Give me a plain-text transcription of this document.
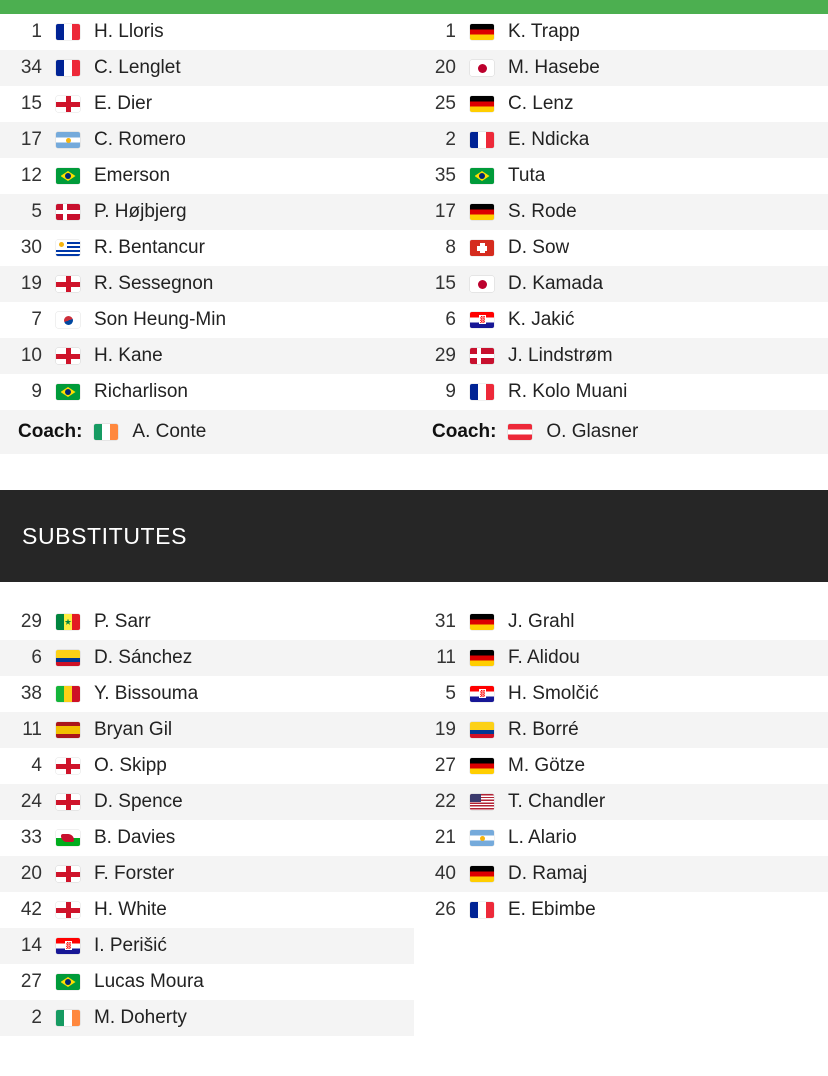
1	H. Lloris
34	C. Lenglet
15	E. Dier
17	C. Romero
12	Emerson
5	P. Højbjerg
30	R. Bentancur
19	R. Sessegnon
7	Son Heung-Min
10	H. Kane
9	Richarlison
Coach:	A. Conte
1	K. Trapp
20	M. Hasebe
25	C. Lenz
2	E. Ndicka
35	Tuta
17	S. Rode
8	D. Sow
15	D. Kamada
6	K. Jakić
29	J. Lindstrøm
9	R. Kolo Muani
Coach:	O. Glasner
SUBSTITUTES
29	P. Sarr
6	D. Sánchez
38	Y. Bissouma
11	Bryan Gil
4	O. Skipp
24	D. Spence
33	B. Davies
20	F. Forster
42	H. White
14	I. Perišić
27	Lucas Moura
2	M. Doherty
31	J. Grahl
11	F. Alidou
5	H. Smolčić
19	R. Borré
27	M. Götze
22	T. Chandler
21	L. Alario
40	D. Ramaj
26	E. Ebimbe
